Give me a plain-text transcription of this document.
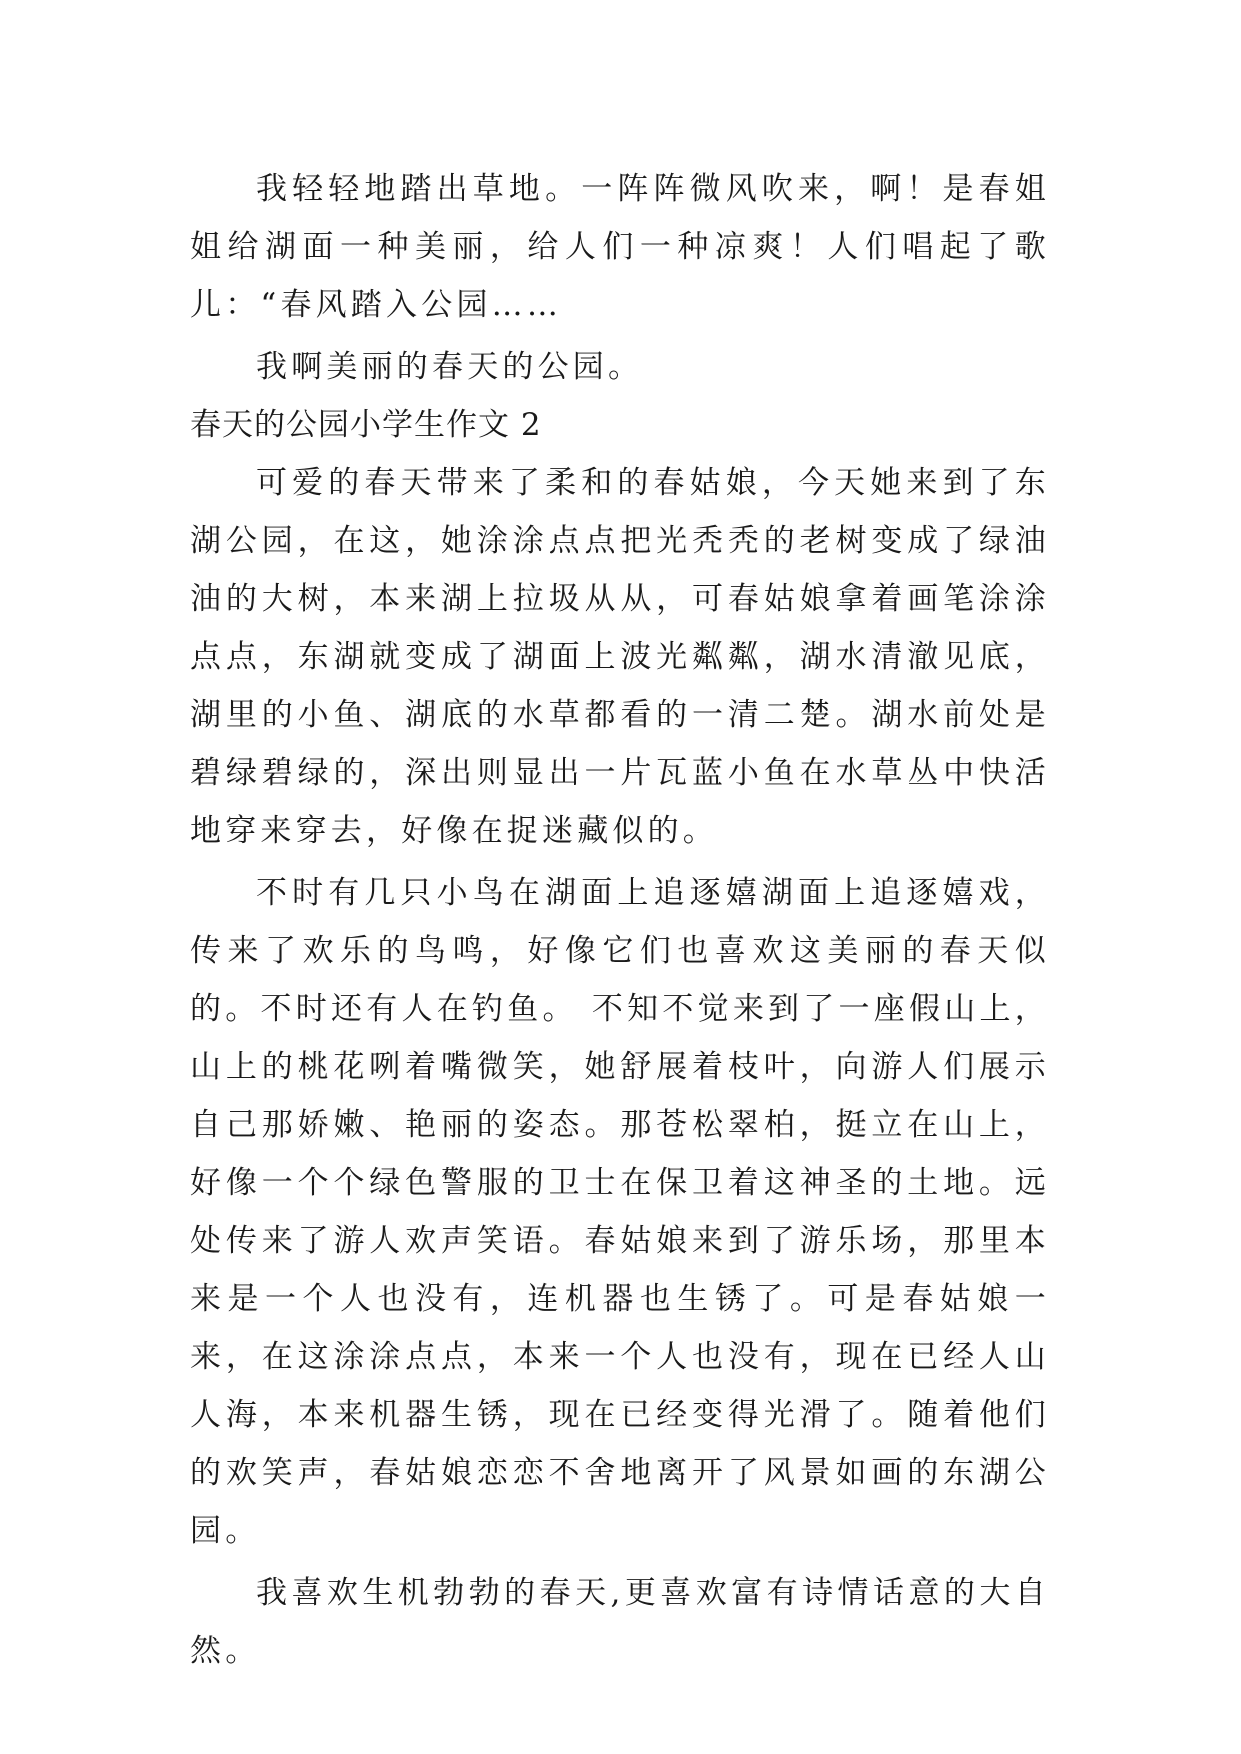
我轻轻地踏出草地。一阵阵微风吹来，啊！是春姐姐给湖面一种美丽，给人们一种凉爽！人们唱起了歌儿：“春风踏入公园……

我啊美丽的春天的公园。

春天的公园小学生作文 2

可爱的春天带来了柔和的春姑娘，今天她来到了东湖公园，在这，她涂涂点点把光秃秃的老树变成了绿油油的大树，本来湖上拉圾从从，可春姑娘拿着画笔涂涂点点，东湖就变成了湖面上波光粼粼，湖水清澈见底，湖里的小鱼、湖底的水草都看的一清二楚。湖水前处是碧绿碧绿的，深出则显出一片瓦蓝小鱼在水草丛中快活地穿来穿去，好像在捉迷藏似的。

不时有几只小鸟在湖面上追逐嬉湖面上追逐嬉戏，传来了欢乐的鸟鸣，好像它们也喜欢这美丽的春天似的。不时还有人在钓鱼。 不知不觉来到了一座假山上，山上的桃花咧着嘴微笑，她舒展着枝叶，向游人们展示自己那娇嫩、艳丽的姿态。那苍松翠柏，挺立在山上，好像一个个绿色警服的卫士在保卫着这神圣的土地。远处传来了游人欢声笑语。春姑娘来到了游乐场，那里本来是一个人也没有，连机器也生锈了。可是春姑娘一来，在这涂涂点点，本来一个人也没有，现在已经人山人海，本来机器生锈，现在已经变得光滑了。随着他们的欢笑声，春姑娘恋恋不舍地离开了风景如画的东湖公园。

我喜欢生机勃勃的春天,更喜欢富有诗情话意的大自然。
